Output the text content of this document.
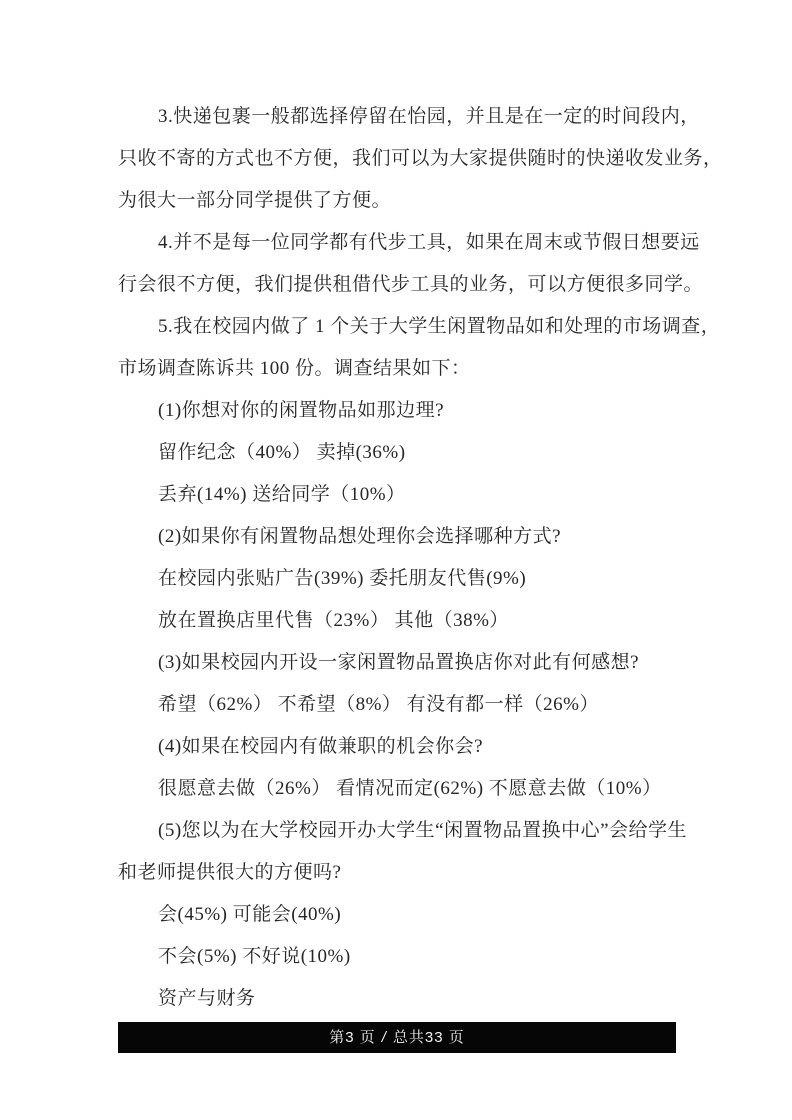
3.快递包裹一般都选择停留在怡园，并且是在一定的时间段内，
只收不寄的方式也不方便，我们可以为大家提供随时的快递收发业务，
为很大一部分同学提供了方便。
4.并不是每一位同学都有代步工具，如果在周末或节假日想要远
行会很不方便，我们提供租借代步工具的业务，可以方便很多同学。
5.我在校园内做了 1 个关于大学生闲置物品如和处理的市场调查，
市场调查陈诉共 100 份。调查结果如下：
(1)你想对你的闲置物品如那边理?
留作纪念（40%） 卖掉(36%)
丢弃(14%) 送给同学（10%）
(2)如果你有闲置物品想处理你会选择哪种方式?
在校园内张贴广告(39%) 委托朋友代售(9%)
放在置换店里代售（23%） 其他（38%）
(3)如果校园内开设一家闲置物品置换店你对此有何感想?
希望（62%） 不希望（8%） 有没有都一样（26%）
(4)如果在校园内有做兼职的机会你会?
很愿意去做（26%） 看情况而定(62%) 不愿意去做（10%）
(5)您以为在大学校园开办大学生“闲置物品置换中心”会给学生
和老师提供很大的方便吗?
会(45%) 可能会(40%)
不会(5%) 不好说(10%)
资产与财务
第3 页 / 总共33 页
